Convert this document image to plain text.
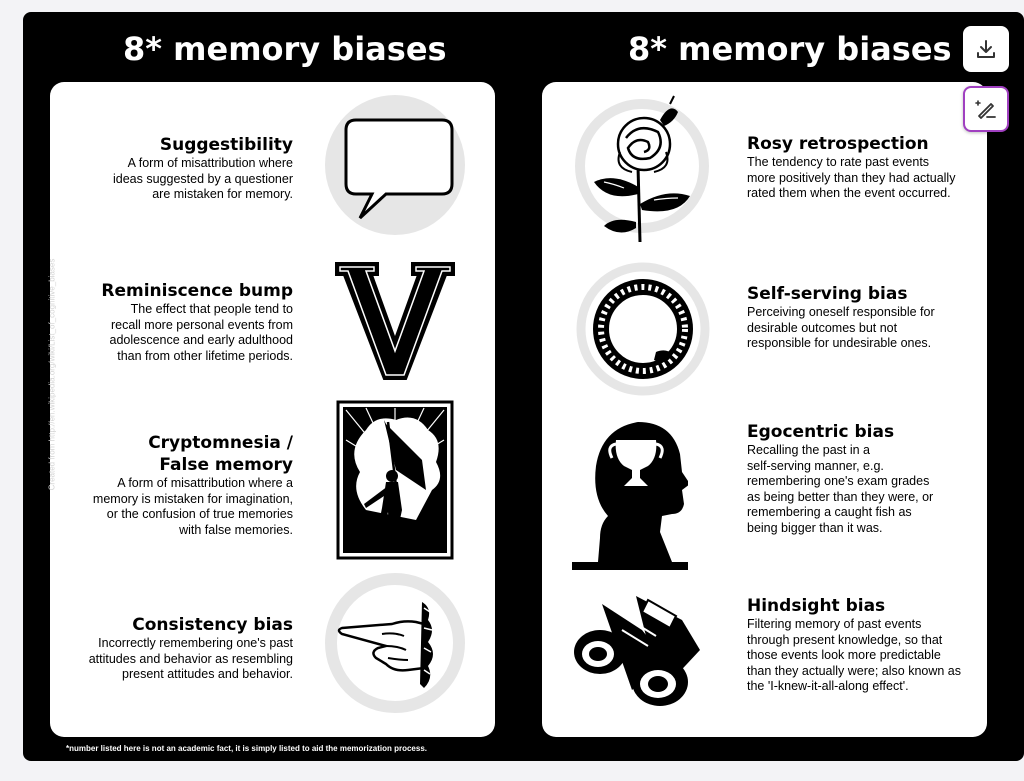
8* memory biases	8* memory biases
Created from http://en.wikipedia.org/wiki/List_of_cognitive_biases
Suggestibility

A form of misattribution where

ideas suggested by a questioner

are mistaken for memory.

Reminiscence bump

The effect that people tend to

recall more personal events from

adolescence and early adulthood

than from other lifetime periods.

Cryptomnesia /
False memory

A form of misattribution where a

memory is mistaken for imagination,

or the confusion of true memories

with false memories.

Consistency bias

Incorrectly remembering one's past

attitudes and behavior as resembling

present attitudes and behavior.

Rosy retrospection

The tendency to rate past events

more positively than they had actually

rated them when the event occurred.

Self-serving bias

Perceiving oneself responsible for

desirable outcomes but not

responsible for undesirable ones.

Egocentric bias

Recalling the past in a

self-serving manner, e.g.

remembering one's exam grades

as being better than they were, or

remembering a caught fish as

being bigger than it was.

Hindsight bias

Filtering memory of past events

through present knowledge, so that

those events look more predictable

than they actually were; also known as

the 'I-knew-it-all-along effect'.

*number listed here is not an academic fact, it is simply listed to aid the memorization process.
